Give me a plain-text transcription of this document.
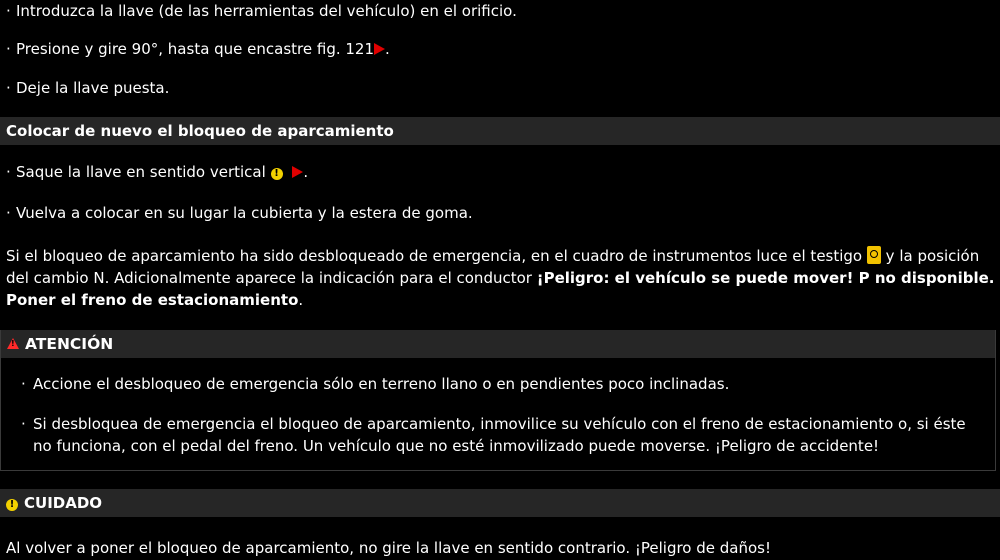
· Introduzca la llave (de las herramientas del vehículo) en el orificio.
· Presione y gire 90°, hasta que encastre fig. 121 .
· Deje la llave puesta.
Colocar de nuevo el bloqueo de aparcamiento
· Saque la llave en sentido vertical ! .
· Vuelva a colocar en su lugar la cubierta y la estera de goma.
Si el bloqueo de aparcamiento ha sido desbloqueado de emergencia, en el cuadro de instrumentos luce el testigo y la posición del cambio N. Adicionalmente aparece la indicación para el conductor ¡Peligro: el vehículo se puede mover! P no disponible. Poner el freno de estacionamiento.
!ATENCIÓN
· Accione el desbloqueo de emergencia sólo en terreno llano o en pendientes poco inclinadas.
· Si desbloquea de emergencia el bloqueo de aparcamiento, inmovilice su vehículo con el freno de estacionamiento o, si éste no funciona, con el pedal del freno. Un vehículo que no esté inmovilizado puede moverse. ¡Peligro de accidente!
! CUIDADO
Al volver a poner el bloqueo de aparcamiento, no gire la llave en sentido contrario. ¡Peligro de daños!
